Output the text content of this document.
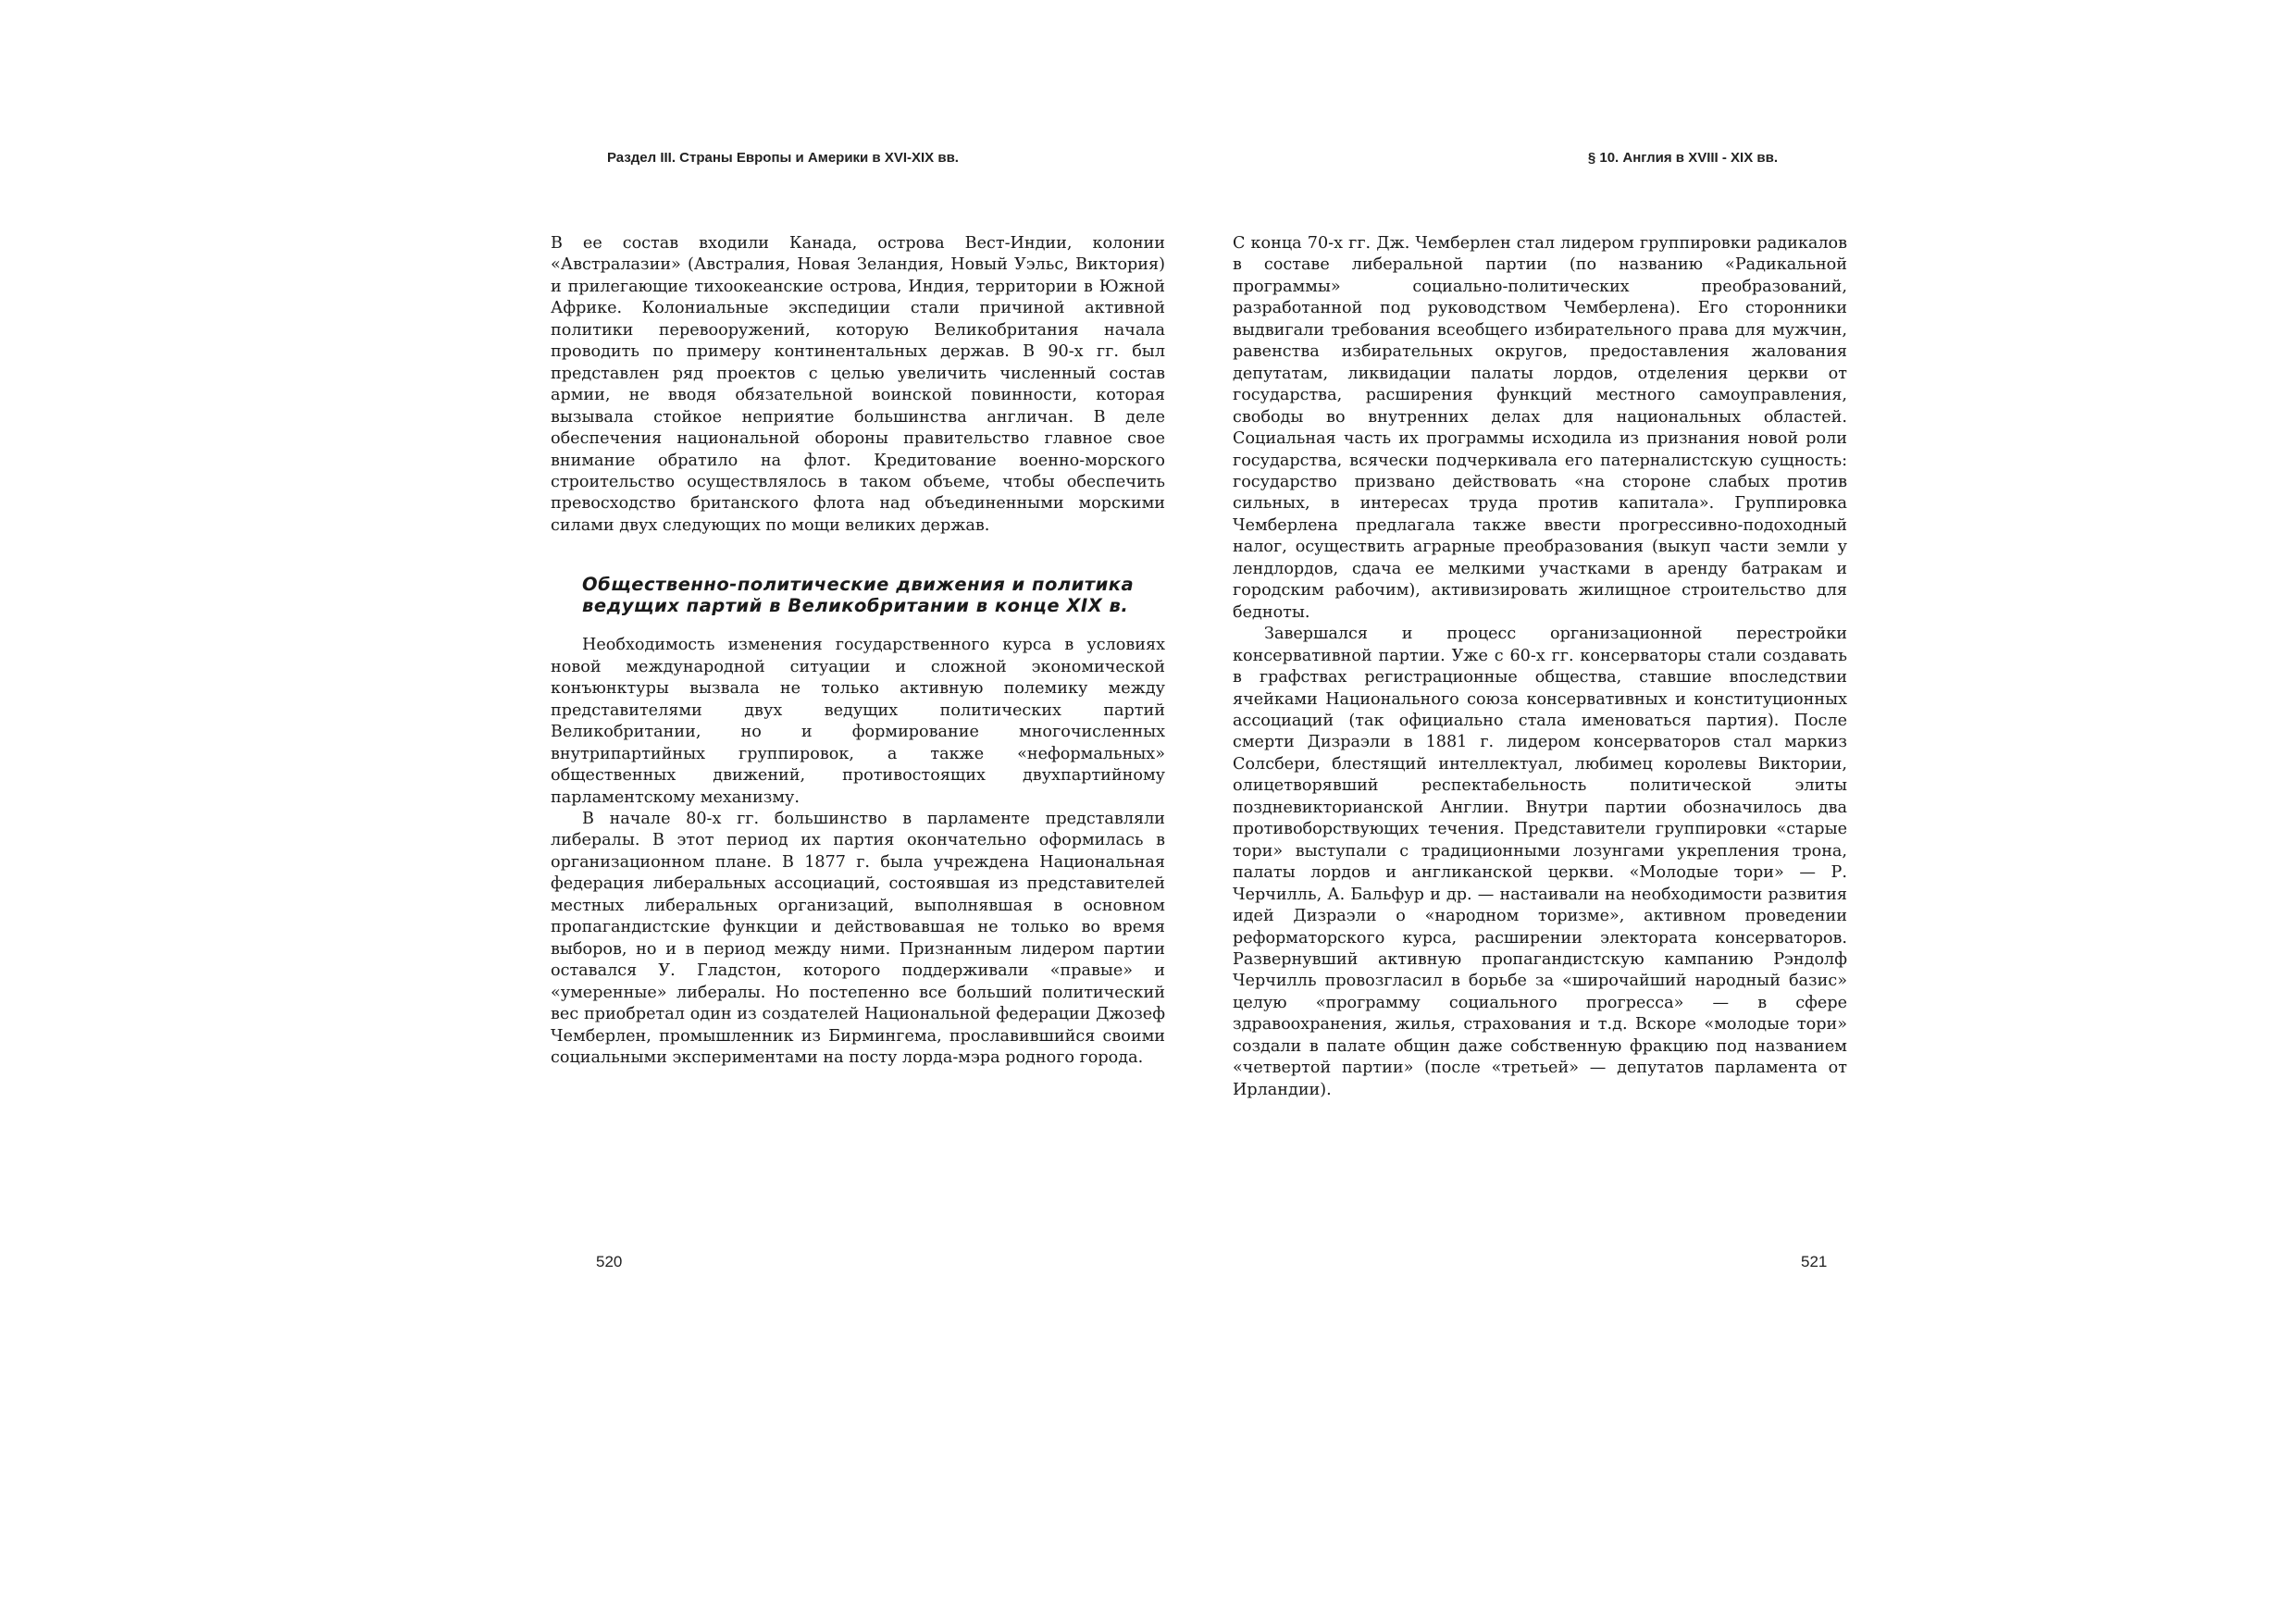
Раздел III. Страны Европы и Америки в XVI-XIX вв.	§ 10. Англия в XVIII - XIX вв.

В ее состав входили Канада, острова Вест-Индии, колонии «Австралазии» (Австралия, Новая Зеландия, Новый Уэльс, Виктория) и прилегающие тихоокеанские острова, Индия, территории в Южной Африке. Колониальные экспедиции стали причиной активной политики перевооружений, которую Великобритания начала проводить по примеру континентальных держав. В 90-х гг. был представлен ряд проектов с целью увеличить численный состав армии, не вводя обязательной воинской повинности, которая вызывала стойкое неприятие большинства англичан. В деле обеспечения национальной обороны правительство главное свое внимание обратило на флот. Кредитование военно-морского строительство осуществлялось в таком объеме, чтобы обеспечить превосходство британского флота над объединенными морскими силами двух следующих по мощи великих держав.

Общественно-политические движения и политика ведущих партий в Великобритании в конце XIX в.

Необходимость изменения государственного курса в условиях новой международной ситуации и сложной экономической конъюнктуры вызвала не только активную полемику между представителями двух ведущих политических партий Великобритании, но и формирование многочисленных внутрипартийных группировок, а также «неформальных» общественных движений, противостоящих двухпартийному парламентскому механизму.

В начале 80-х гг. большинство в парламенте представляли либералы. В этот период их партия окончательно оформилась в организационном плане. В 1877 г. была учреждена Национальная федерация либеральных ассоциаций, состоявшая из представителей местных либеральных организаций, выполнявшая в основном пропагандистские функции и действовавшая не только во время выборов, но и в период между ними. Признанным лидером партии оставался У. Гладстон, которого поддерживали «правые» и «умеренные» либералы. Но постепенно все больший политический вес приобретал один из создателей Национальной федерации Джозеф Чемберлен, промышленник из Бирмингема, прославившийся своими социальными экспериментами на посту лорда-мэра родного города.

С конца 70-х гг. Дж. Чемберлен стал лидером группировки радикалов в составе либеральной партии (по названию «Радикальной программы» социально-политических преобразований, разработанной под руководством Чемберлена). Его сторонники выдвигали требования всеобщего избирательного права для мужчин, равенства избирательных округов, предоставления жалования депутатам, ликвидации палаты лордов, отделения церкви от государства, расширения функций местного самоуправления, свободы во внутренних делах для национальных областей. Социальная часть их программы исходила из признания новой роли государства, всячески подчеркивала его патерналистскую сущность: государство призвано действовать «на стороне слабых против сильных, в интересах труда против капитала». Группировка Чемберлена предлагала также ввести прогрессивно-подоходный налог, осуществить аграрные преобразования (выкуп части земли у лендлордов, сдача ее мелкими участками в аренду батракам и городским рабочим), активизировать жилищное строительство для бедноты.

Завершался и процесс организационной перестройки консервативной партии. Уже с 60-х гг. консерваторы стали создавать в графствах регистрационные общества, ставшие впоследствии ячейками Национального союза консервативных и конституционных ассоциаций (так официально стала именоваться партия). После смерти Дизраэли в 1881 г. лидером консерваторов стал маркиз Солсбери, блестящий интеллектуал, любимец королевы Виктории, олицетворявший респектабельность политической элиты поздневикторианской Англии. Внутри партии обозначилось два противоборствующих течения. Представители группировки «старые тори» выступали с традиционными лозунгами укрепления трона, палаты лордов и англиканской церкви. «Молодые тори» — Р. Черчилль, А. Бальфур и др. — настаивали на необходимости развития идей Дизраэли о «народном торизме», активном проведении реформаторского курса, расширении электората консерваторов. Развернувший активную пропагандистскую кампанию Рэндолф Черчилль провозгласил в борьбе за «широчайший народный базис» целую «программу социального прогресса» — в сфере здравоохранения, жилья, страхования и т.д. Вскоре «молодые тори» создали в палате общин даже собственную фракцию под названием «четвертой партии» (после «третьей» — депутатов парламента от Ирландии).

520	521
